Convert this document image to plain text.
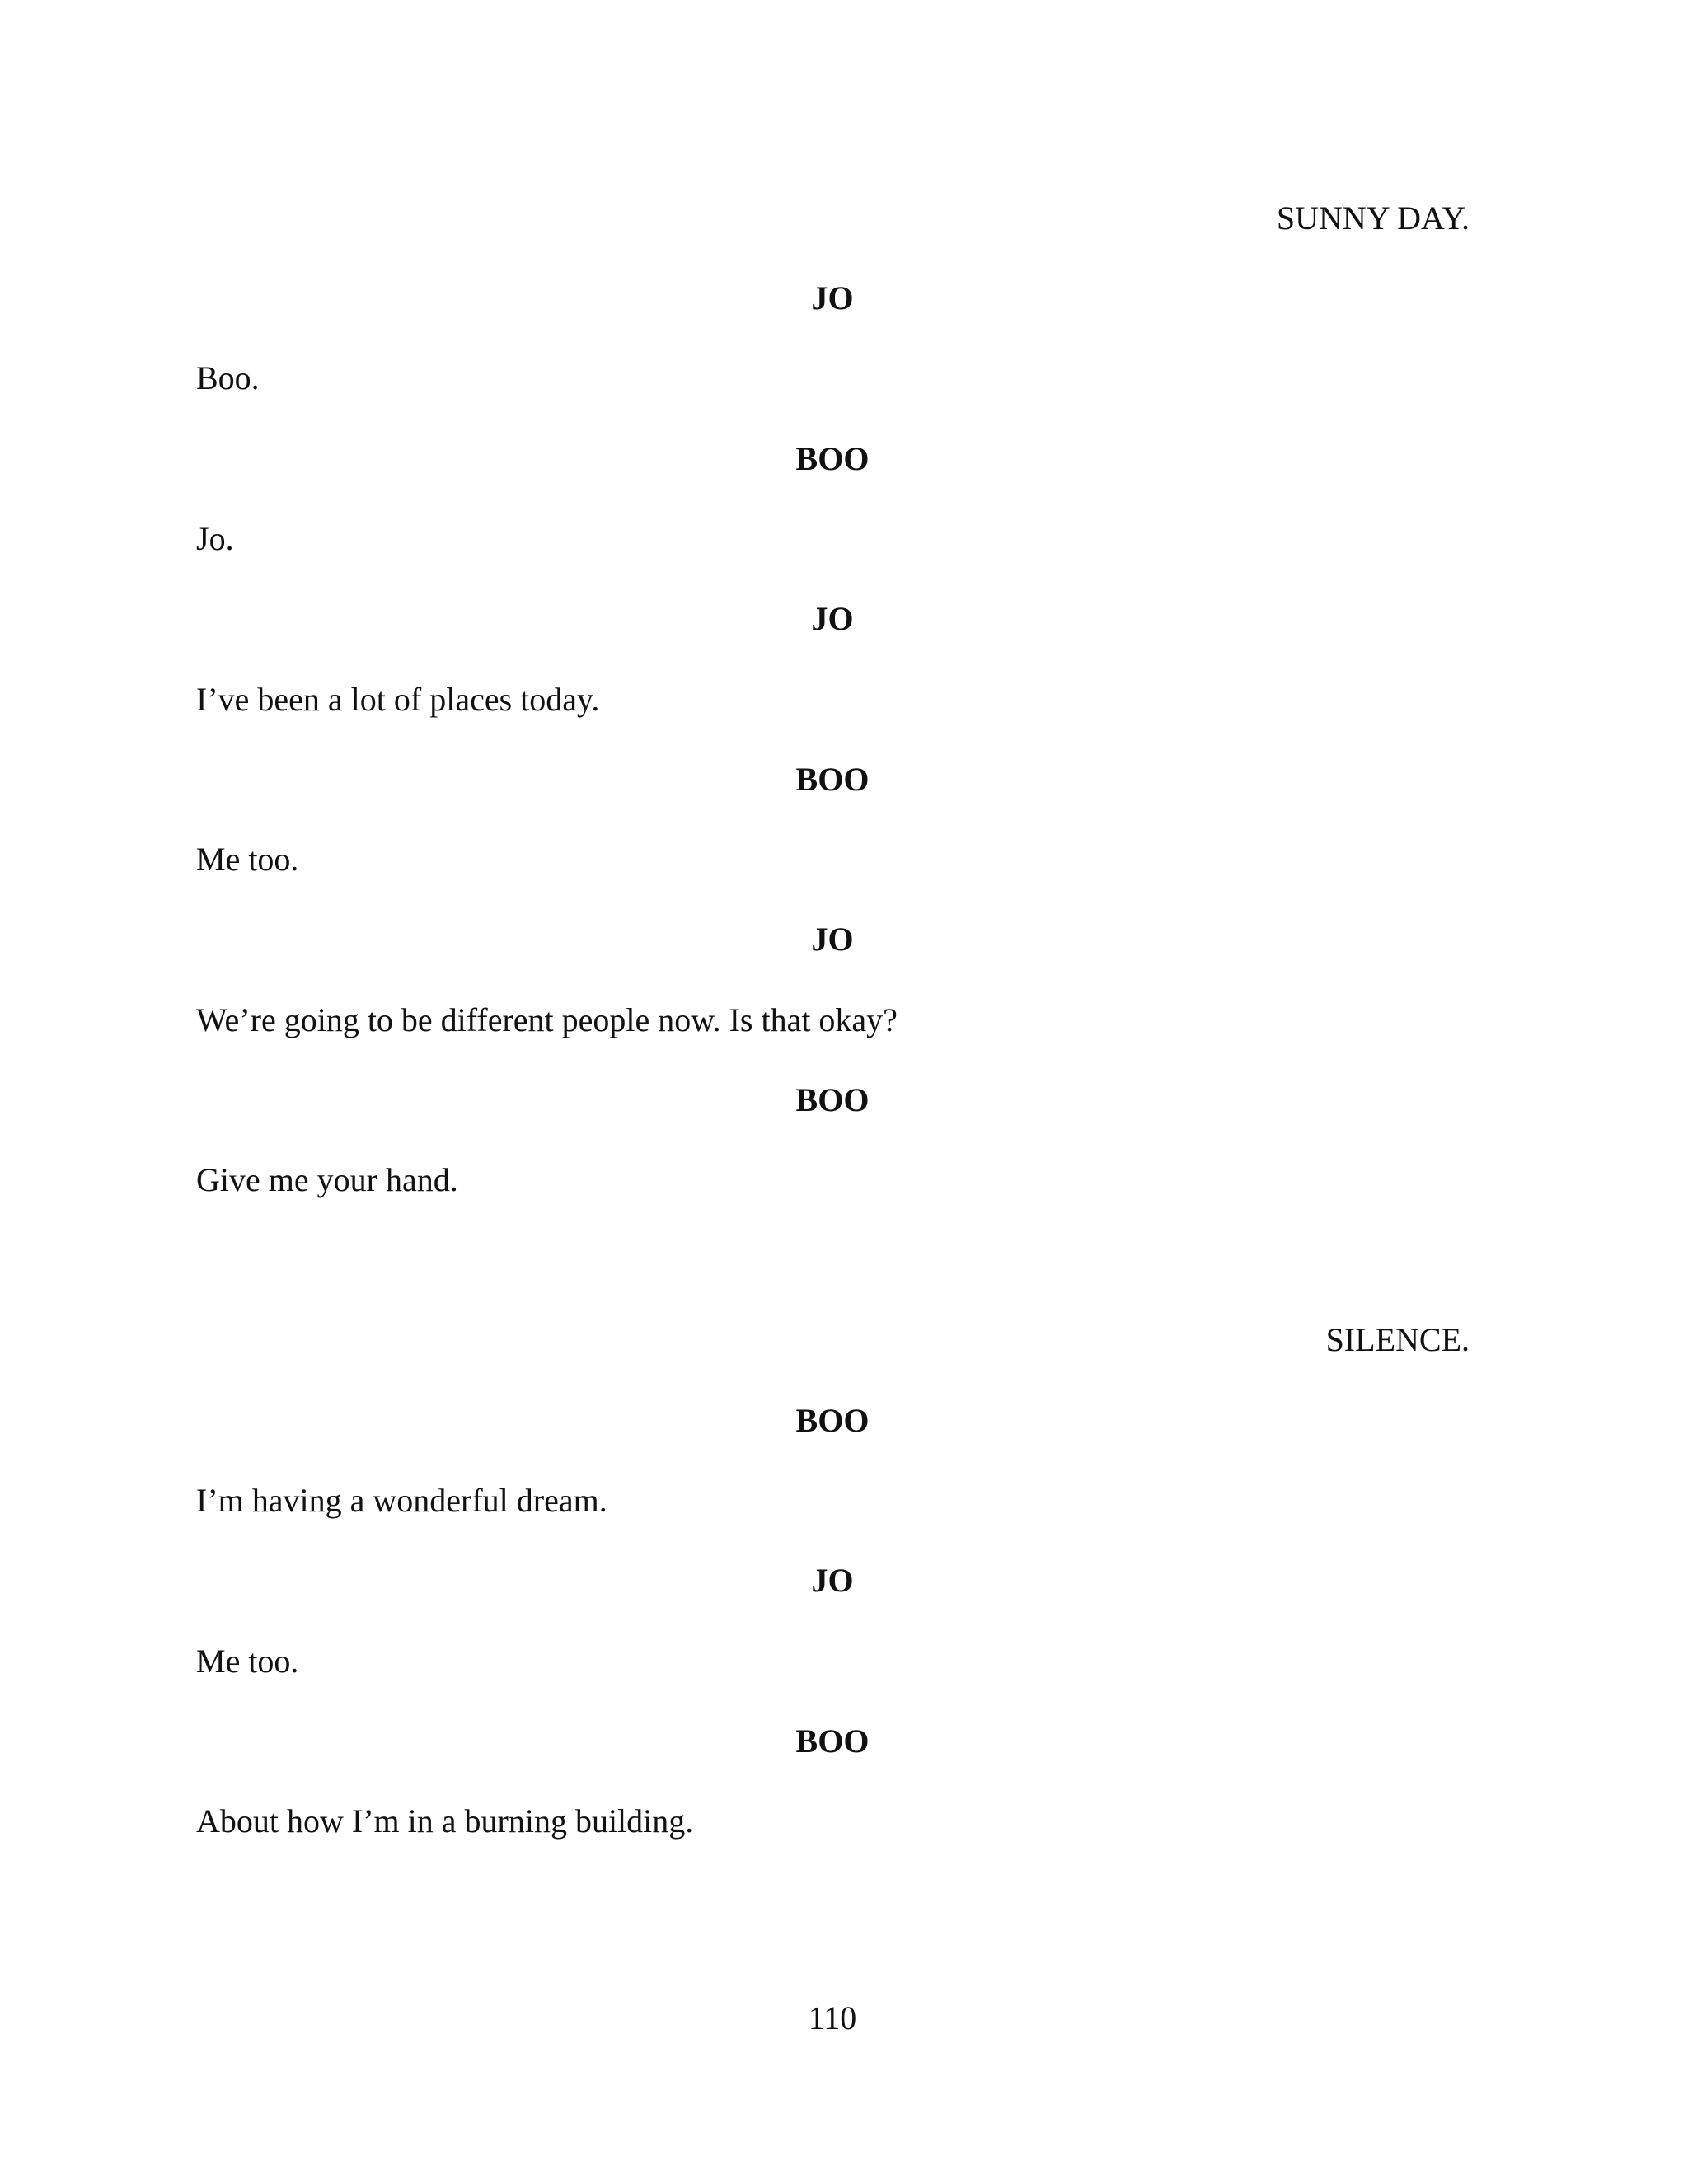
SUNNY DAY.
JO
Boo.
BOO
Jo.
JO
I’ve been a lot of places today.
BOO
Me too.
JO
We’re going to be different people now. Is that okay?
BOO
Give me your hand.
SILENCE.
BOO
I’m having a wonderful dream.
JO
Me too.
BOO
About how I’m in a burning building.
110
